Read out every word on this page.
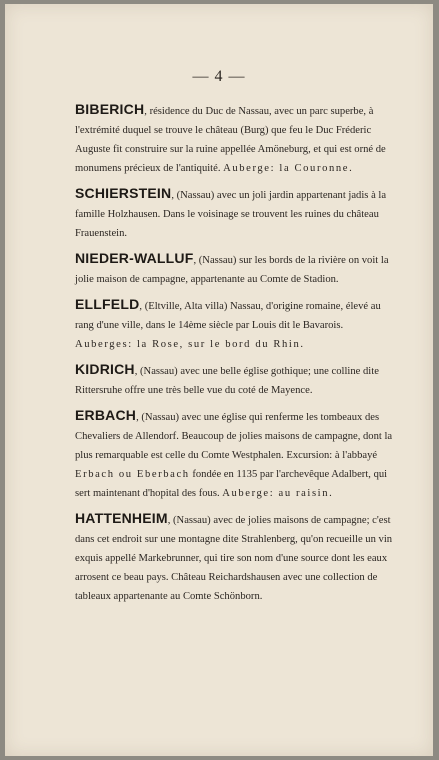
— 4 —

BIBERICH, résidence du Duc de Nassau, avec un parc superbe, à l'extrémité duquel se trouve le château (Burg) que feu le Duc Fréderic Auguste fit construire sur la ruine appellée Amöneburg, et qui est orné de monumens précieux de l'antiquité. Auberge: la Couronne.

SCHIERSTEIN, (Nassau) avec un joli jardin appartenant jadis à la famille Holzhausen. Dans le voisinage se trouvent les ruines du château Frauenstein.

NIEDER-WALLUF, (Nassau) sur les bords de la rivière on voit la jolie maison de campagne, appartenante au Comte de Stadion.

ELLFELD, (Eltville, Alta villa) Nassau, d'origine romaine, élevé au rang d'une ville, dans le 14ème siècle par Louis dit le Bavarois. Auberges: la Rose, sur le bord du Rhin.

KIDRICH, (Nassau) avec une belle église gothique; une colline dite Rittersruhe offre une très belle vue du coté de Mayence.

ERBACH, (Nassau) avec une église qui renferme les tombeaux des Chevaliers de Allendorf. Beaucoup de jolies maisons de campagne, dont la plus remarquable est celle du Comte Westphalen. Excursion: à l'abbayé Erbach ou Eberbach fondée en 1135 par l'archevêque Adalbert, qui sert maintenant d'hopital des fous. Auberge: au raisin.

HATTENHEIM, (Nassau) avec de jolies maisons de campagne; c'est dans cet endroit sur une montagne dite Strahlenberg, qu'on recueille un vin exquis appellé Markebrunner, qui tire son nom d'une source dont les eaux arrosent ce beau pays. Château Reichardshausen avec une collection de tableaux appartenante au Comte Schönborn.
